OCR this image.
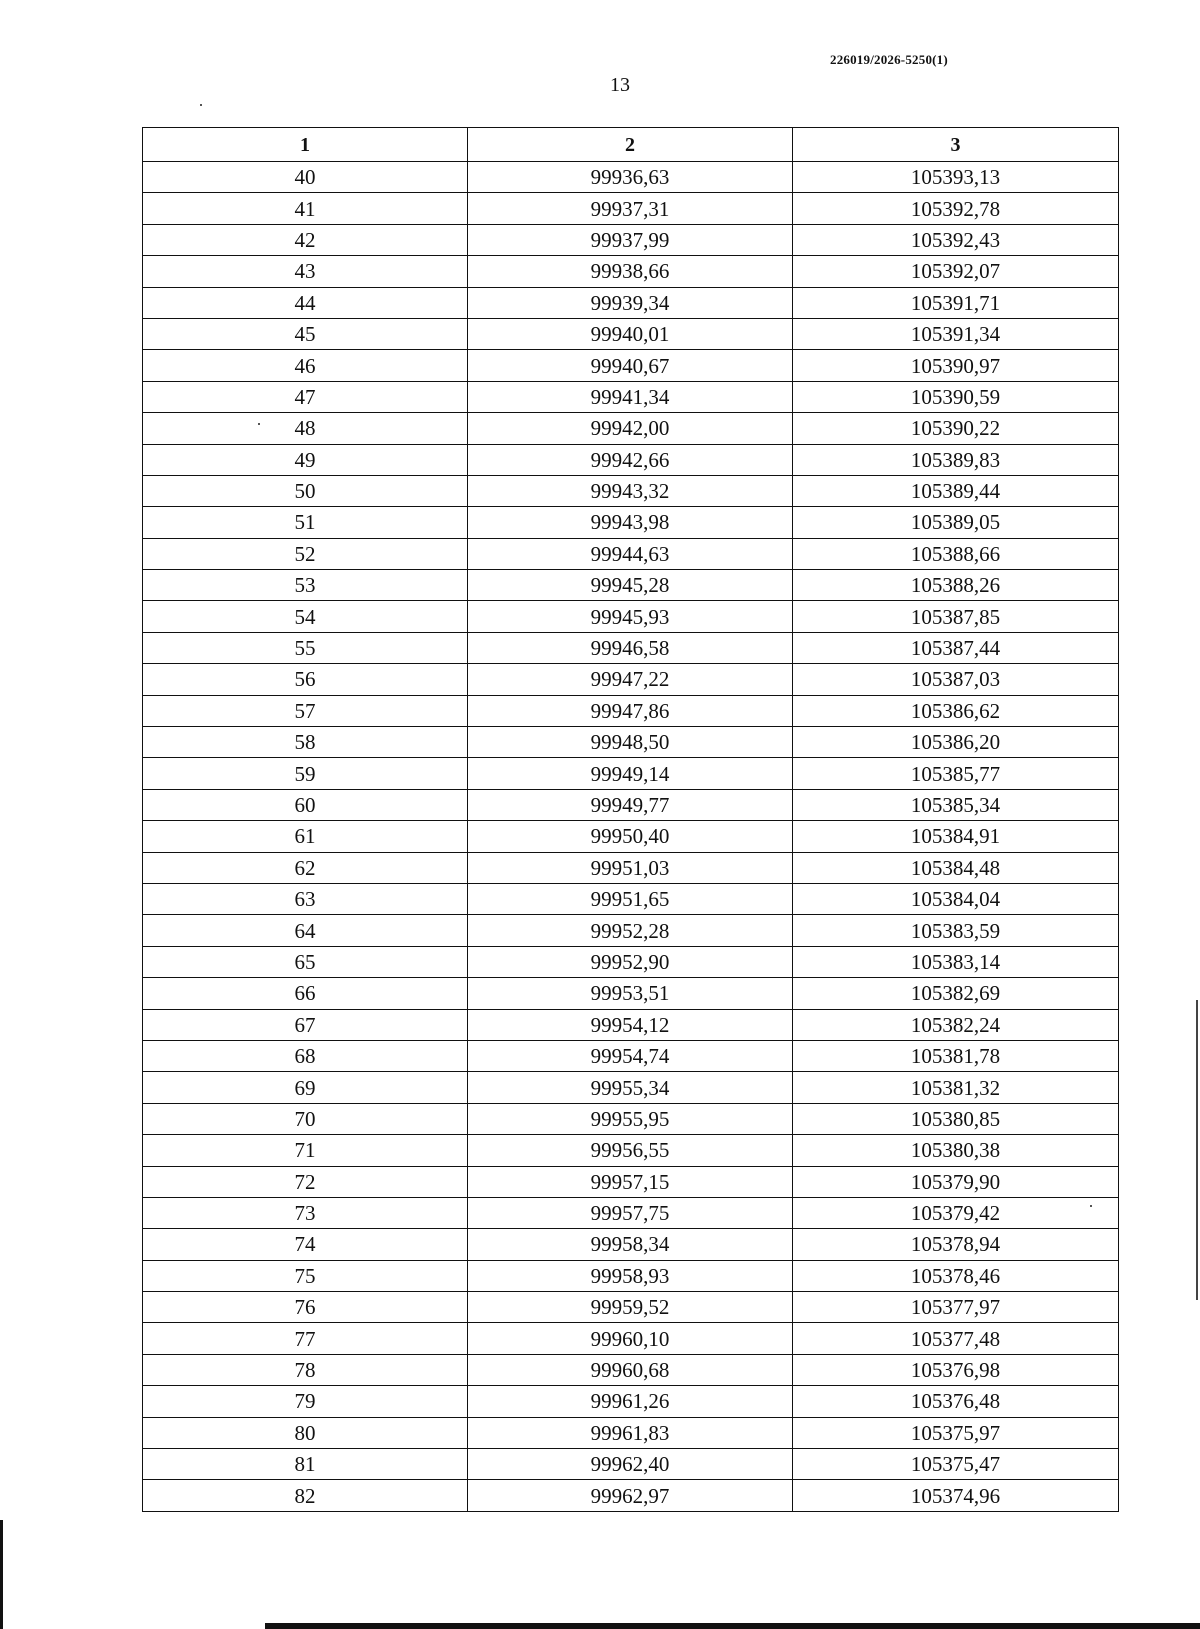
226019/2026-5250(1)
13
1	2	3
40	99936,63	105393,13
41	99937,31	105392,78
42	99937,99	105392,43
43	99938,66	105392,07
44	99939,34	105391,71
45	99940,01	105391,34
46	99940,67	105390,97
47	99941,34	105390,59
48	99942,00	105390,22
49	99942,66	105389,83
50	99943,32	105389,44
51	99943,98	105389,05
52	99944,63	105388,66
53	99945,28	105388,26
54	99945,93	105387,85
55	99946,58	105387,44
56	99947,22	105387,03
57	99947,86	105386,62
58	99948,50	105386,20
59	99949,14	105385,77
60	99949,77	105385,34
61	99950,40	105384,91
62	99951,03	105384,48
63	99951,65	105384,04
64	99952,28	105383,59
65	99952,90	105383,14
66	99953,51	105382,69
67	99954,12	105382,24
68	99954,74	105381,78
69	99955,34	105381,32
70	99955,95	105380,85
71	99956,55	105380,38
72	99957,15	105379,90
73	99957,75	105379,42
74	99958,34	105378,94
75	99958,93	105378,46
76	99959,52	105377,97
77	99960,10	105377,48
78	99960,68	105376,98
79	99961,26	105376,48
80	99961,83	105375,97
81	99962,40	105375,47
82	99962,97	105374,96
